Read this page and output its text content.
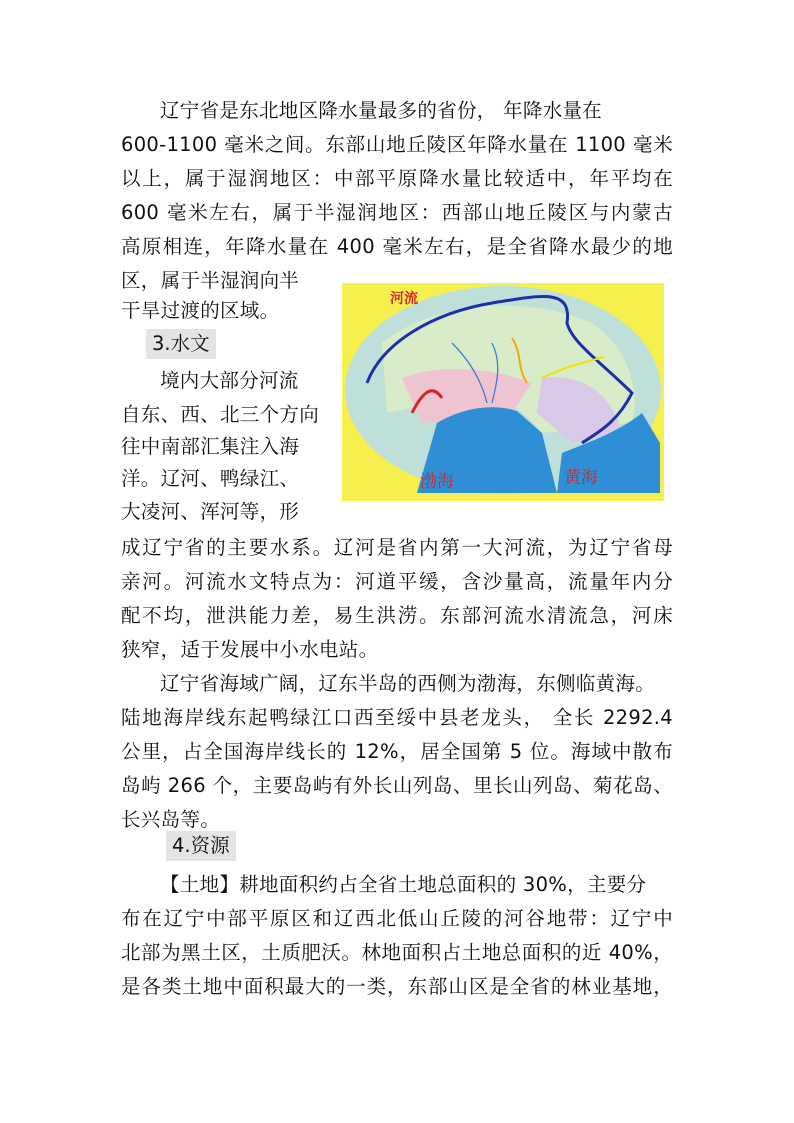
辽宁省是东北地区降水量最多的省份， 年降水量在
600-1100 毫米之间。东部山地丘陵区年降水量在 1100 毫米
以上，属于湿润地区：中部平原降水量比较适中，年平均在
600 毫米左右，属于半湿润地区：西部山地丘陵区与内蒙古
高原相连，年降水量在 400 毫米左右，是全省降水最少的地
区，属于半湿润向半
干旱过渡的区域。
3.水文
境内大部分河流
自东、西、北三个方向
往中南部汇集注入海
洋。辽河、鸭绿江、
大凌河、浑河等，形
成辽宁省的主要水系。辽河是省内第一大河流，为辽宁省母
亲河。河流水文特点为：河道平缓，含沙量高，流量年内分
配不均，泄洪能力差，易生洪涝。东部河流水清流急，河床
狭窄，适于发展中小水电站。
辽宁省海域广阔，辽东半岛的西侧为渤海，东侧临黄海。
陆地海岸线东起鸭绿江口西至绥中县老龙头， 全长 2292.4
公里，占全国海岸线长的 12%，居全国第 5 位。海域中散布
岛屿 266 个，主要岛屿有外长山列岛、里长山列岛、菊花岛、
长兴岛等。
4.资源
【土地】耕地面积约占全省土地总面积的 30%，主要分
布在辽宁中部平原区和辽西北低山丘陵的河谷地带：辽宁中
北部为黑土区，土质肥沃。林地面积占土地总面积的近 40%，
是各类土地中面积最大的一类，东部山区是全省的林业基地，
河流
渤海	黄海
